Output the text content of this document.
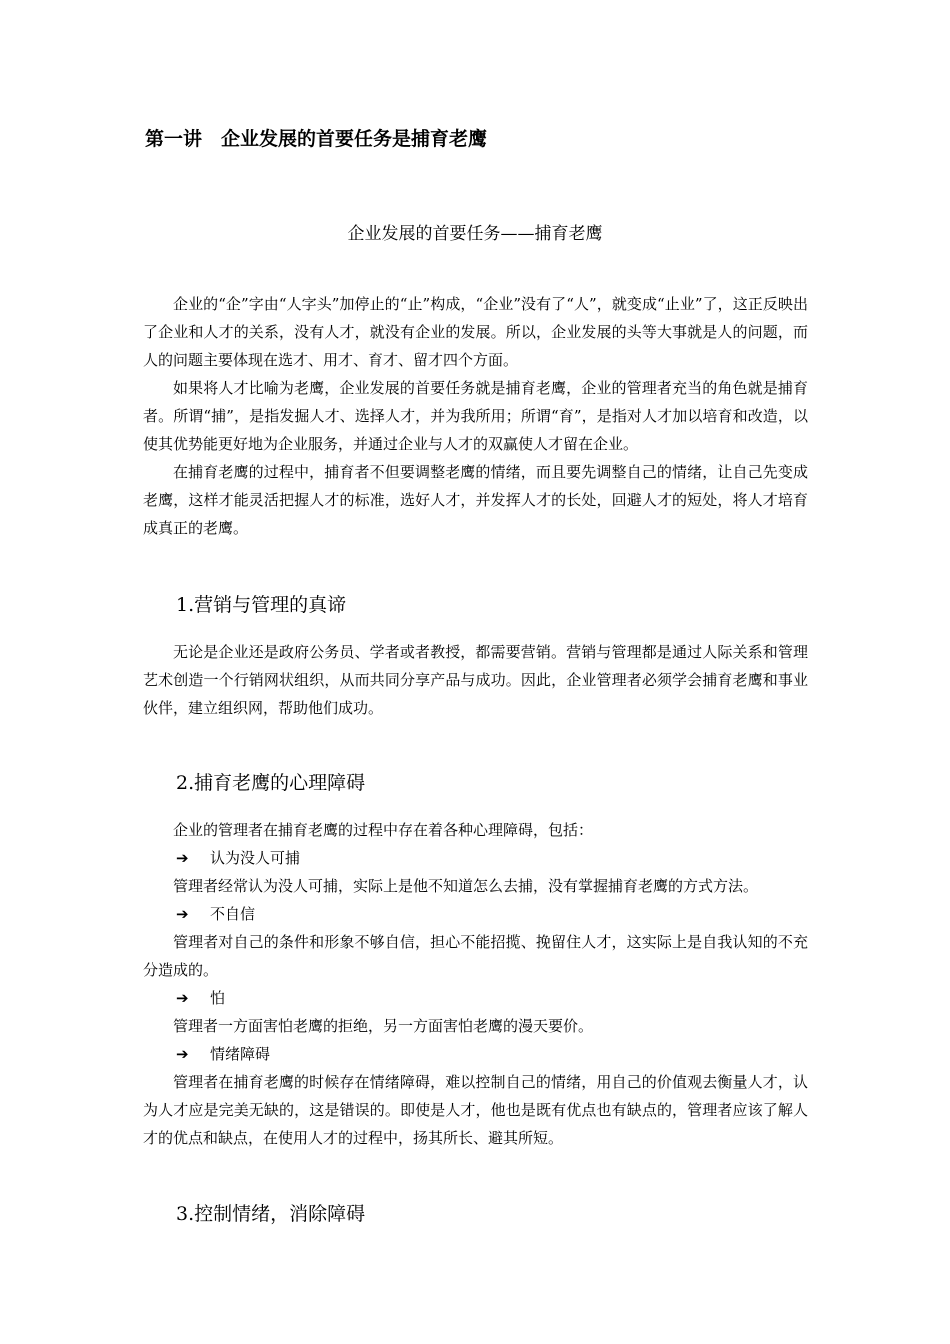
第一讲　企业发展的首要任务是捕育老鹰
企业发展的首要任务——捕育老鹰

企业的“企”字由“人字头”加停止的“止”构成，“企业”没有了“人”，就变成“止业”了，这正反映出了企业和人才的关系，没有人才，就没有企业的发展。所以，企业发展的头等大事就是人的问题，而人的问题主要体现在选才、用才、育才、留才四个方面。

如果将人才比喻为老鹰，企业发展的首要任务就是捕育老鹰，企业的管理者充当的角色就是捕育者。所谓“捕”，是指发掘人才、选择人才，并为我所用；所谓“育”，是指对人才加以培育和改造，以使其优势能更好地为企业服务，并通过企业与人才的双赢使人才留在企业。

在捕育老鹰的过程中，捕育者不但要调整老鹰的情绪，而且要先调整自己的情绪，让自己先变成老鹰，这样才能灵活把握人才的标准，选好人才，并发挥人才的长处，回避人才的短处，将人才培育成真正的老鹰。

1.营销与管理的真谛

无论是企业还是政府公务员、学者或者教授，都需要营销。营销与管理都是通过人际关系和管理艺术创造一个行销网状组织，从而共同分享产品与成功。因此，企业管理者必须学会捕育老鹰和事业伙伴，建立组织网，帮助他们成功。

2.捕育老鹰的心理障碍

企业的管理者在捕育老鹰的过程中存在着各种心理障碍，包括：

➔ 认为没人可捕

管理者经常认为没人可捕，实际上是他不知道怎么去捕，没有掌握捕育老鹰的方式方法。

➔ 不自信

管理者对自己的条件和形象不够自信，担心不能招揽、挽留住人才，这实际上是自我认知的不充分造成的。

➔ 怕

管理者一方面害怕老鹰的拒绝，另一方面害怕老鹰的漫天要价。

➔ 情绪障碍

管理者在捕育老鹰的时候存在情绪障碍，难以控制自己的情绪，用自己的价值观去衡量人才，认为人才应是完美无缺的，这是错误的。即使是人才，他也是既有优点也有缺点的，管理者应该了解人才的优点和缺点，在使用人才的过程中，扬其所长、避其所短。

3.控制情绪，消除障碍
